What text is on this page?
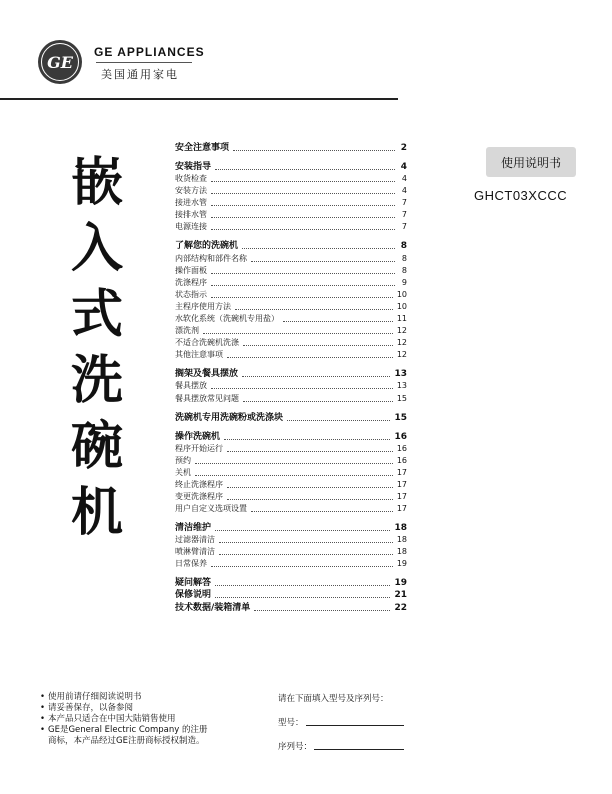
GE
GE APPLIANCES
美国通用家电
嵌
入
式
洗
碗
机
安全注意事项	2
安装指导	4
收货检查	4
安装方法	4
接进水管	7
接排水管	7
电源连接	7
了解您的洗碗机	8
内部结构和部件名称	8
操作面板	8
洗涤程序	9
状态指示	10
主程序使用方法	10
水软化系统（洗碗机专用盐）	11
漂洗剂	12
不适合洗碗机洗涤	12
其他注意事项	12
搁架及餐具摆放	13
餐具摆放	13
餐具摆放常见问题	15
洗碗机专用洗碗粉或洗涤块	15
操作洗碗机	16
程序开始运行	16
预约	16
关机	17
终止洗涤程序	17
变更洗涤程序	17
用户自定义选项设置	17
清洁维护	18
过滤器清洁	18
喷淋臂清洁	18
日常保养	19
疑问解答	19
保修说明	21
技术数据/装箱清单	22
使用说明书
GHCT03XCCC
• 使用前请仔细阅读说明书
• 请妥善保存，以备参阅
• 本产品只适合在中国大陆销售使用
• GE是General Electric Company 的注册商标，本产品经过GE注册商标授权制造。
请在下面填入型号及序列号：
型号：
序列号：
